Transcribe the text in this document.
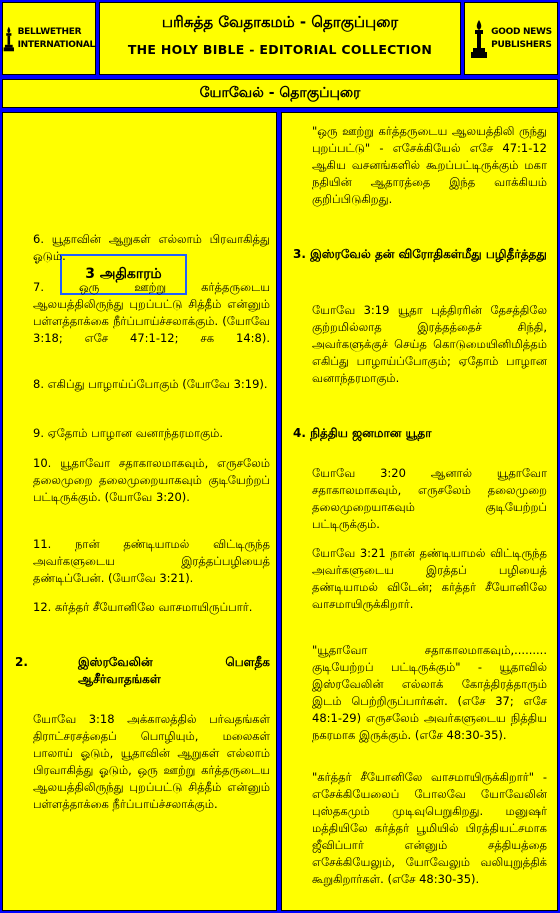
BELLWETHER
INTERNATIONAL
பரிசுத்த வேதாகமம் - தொகுப்புரை
THE HOLY BIBLE - EDITORIAL COLLECTION
GOOD NEWS
PUBLISHERS
யோவேல் - தொகுப்புரை
3 அதிகாரம்

6. யூதாவின் ஆறுகள் எல்லாம் பிரவாகித்து ஓடும்.

7. ஒரு ஊற்று கர்த்தருடைய ஆலயத்திலிருந்து புறப்பட்டு சித்தீம் என்னும் பள்ளத்தாக்கை நீர்ப்பாய்ச்சலாக்கும். (யோவே 3:18; எசே 47:1-12; சக 14:8).

8. எகிப்து பாழாய்ப்போகும் (யோவே 3:19).

9. ஏதோம் பாழான வனாந்தரமாகும்.

10. யூதாவோ சதாகாலமாகவும், எருசலேம் தலைமுறை தலைமுறையாகவும் குடியேற்றப் பட்டிருக்கும். (யோவே 3:20).

11. நான் தண்டியாமல் விட்டிருந்த அவர்களுடைய இரத்தப்பழியைத் தண்டிப்பேன். (யோவே 3:21).

12. கர்த்தர் சீயோனிலே வாசமாயிருப்பார்.

2.	இஸ்ரவேலின் பௌதீக ஆசீர்வாதங்கள்

யோவே 3:18 அக்காலத்தில் பர்வதங்கள் திராட்சரசத்தைப் பொழியும், மலைகள் பாலாய் ஓடும், யூதாவின் ஆறுகள் எல்லாம் பிரவாகித்து ஓடும், ஒரு ஊற்று கர்த்தருடைய ஆலயத்திலிருந்து புறப்பட்டு சித்தீம் என்னும் பள்ளத்தாக்கை நீர்ப்பாய்ச்சலாக்கும்.

"ஒரு ஊற்று கர்த்தருடைய ஆலயத்திலி ருந்து புறப்பட்டு" - எசேக்கியேல் எசே 47:1-12 ஆகிய வசனங்களில் கூறப்பட்டிருக்கும் மகா நதியின் ஆதாரத்தை இந்த வாக்கியம் குறிப்பிடுகிறது.

3. இஸ்ரவேல் தன் விரோதிகள்மீது பழிதீர்த்தது

யோவே 3:19 யூதா புத்திரரின் தேசத்திலே குற்றமில்லாத இரத்தத்தைச் சிந்தி, அவர்களுக்குச் செய்த கொடுமையினிமித்தம் எகிப்து பாழாய்ப்போகும்; ஏதோம் பாழான வனாந்தரமாகும்.

4. நித்திய ஜனமான யூதா

யோவே 3:20 ஆனால் யூதாவோ சதாகாலமாகவும், எருசலேம் தலைமுறை தலைமுறையாகவும் குடியேற்றப் பட்டிருக்கும்.

யோவே 3:21 நான் தண்டியாமல் விட்டிருந்த அவர்களுடைய இரத்தப் பழியைத் தண்டியாமல் விடேன்; கர்த்தர் சீயோனிலே வாசமாயிருக்கிறார்.

"யூதாவோ சதாகாலமாகவும்,......... குடியேற்றப் பட்டிருக்கும்" - யூதாவில் இஸ்ரவேலின் எல்லாக் கோத்திரத்தாரும் இடம் பெற்றிருப்பார்கள். (எசே 37; எசே 48:1-29) எருசலேம் அவர்களுடைய நித்திய நகரமாக இருக்கும். (எசே 48:30-35).

"கர்த்தர் சீயோனிலே வாசமாயிருக்கிறார்" - எசேக்கியேலைப் போலவே யோவேலின் புஸ்தகமும் முடிவுபெறுகிறது. மனுஷர் மத்தியிலே கர்த்தர் பூமியில் பிரத்தியட்சமாக ஜீவிப்பார் என்னும் சத்தியத்தை எசேக்கியேலும், யோவேலும் வலியுறுத்திக் கூறுகிறார்கள். (எசே 48:30-35).
